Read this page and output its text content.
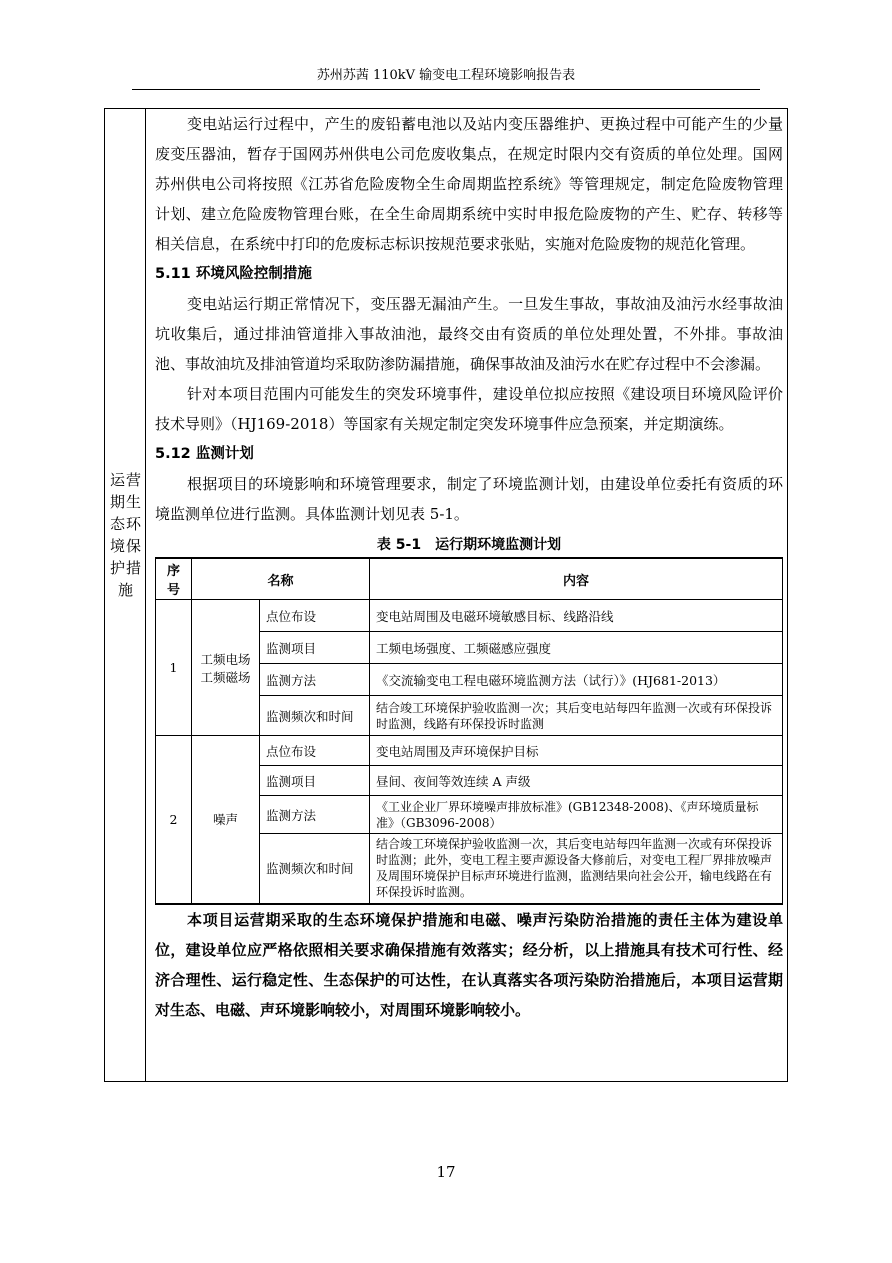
苏州苏茜 110kV 输变电工程环境影响报告表
运营期生态环境保护措施

变电站运行过程中，产生的废铅蓄电池以及站内变压器维护、更换过程中可能产生的少量废变压器油，暂存于国网苏州供电公司危废收集点，在规定时限内交有资质的单位处理。国网苏州供电公司将按照《江苏省危险废物全生命周期监控系统》等管理规定，制定危险废物管理计划、建立危险废物管理台账，在全生命周期系统中实时申报危险废物的产生、贮存、转移等相关信息，在系统中打印的危废标志标识按规范要求张贴，实施对危险废物的规范化管理。

5.11 环境风险控制措施

变电站运行期正常情况下，变压器无漏油产生。一旦发生事故，事故油及油污水经事故油坑收集后，通过排油管道排入事故油池，最终交由有资质的单位处理处置，不外排。事故油池、事故油坑及排油管道均采取防渗防漏措施，确保事故油及油污水在贮存过程中不会渗漏。

针对本项目范围内可能发生的突发环境事件，建设单位拟应按照《建设项目环境风险评价技术导则》（HJ169-2018）等国家有关规定制定突发环境事件应急预案，并定期演练。

5.12 监测计划

根据项目的环境影响和环境管理要求，制定了环境监测计划，由建设单位委托有资质的环境监测单位进行监测。具体监测计划见表 5-1。

表 5-1　运行期环境监测计划
序号	名称		内容
1	工频电场工频磁场	点位布设	变电站周围及电磁环境敏感目标、线路沿线
		监测项目	工频电场强度、工频磁感应强度
		监测方法	《交流输变电工程电磁环境监测方法（试行）》(HJ681-2013）
		监测频次和时间	结合竣工环境保护验收监测一次；其后变电站每四年监测一次或有环保投诉时监测，线路有环保投诉时监测
2	噪声	点位布设	变电站周围及声环境保护目标
		监测项目	昼间、夜间等效连续 A 声级
		监测方法	《工业企业厂界环境噪声排放标准》(GB12348-2008)、《声环境质量标准》（GB3096-2008）
		监测频次和时间	结合竣工环境保护验收监测一次，其后变电站每四年监测一次或有环保投诉时监测；此外，变电工程主要声源设备大修前后，对变电工程厂界排放噪声及周围环境保护目标声环境进行监测，监测结果向社会公开，输电线路在有环保投诉时监测。

本项目运营期采取的生态环境保护措施和电磁、噪声污染防治措施的责任主体为建设单位，建设单位应严格依照相关要求确保措施有效落实；经分析，以上措施具有技术可行性、经济合理性、运行稳定性、生态保护的可达性，在认真落实各项污染防治措施后，本项目运营期对生态、电磁、声环境影响较小，对周围环境影响较小。

17
